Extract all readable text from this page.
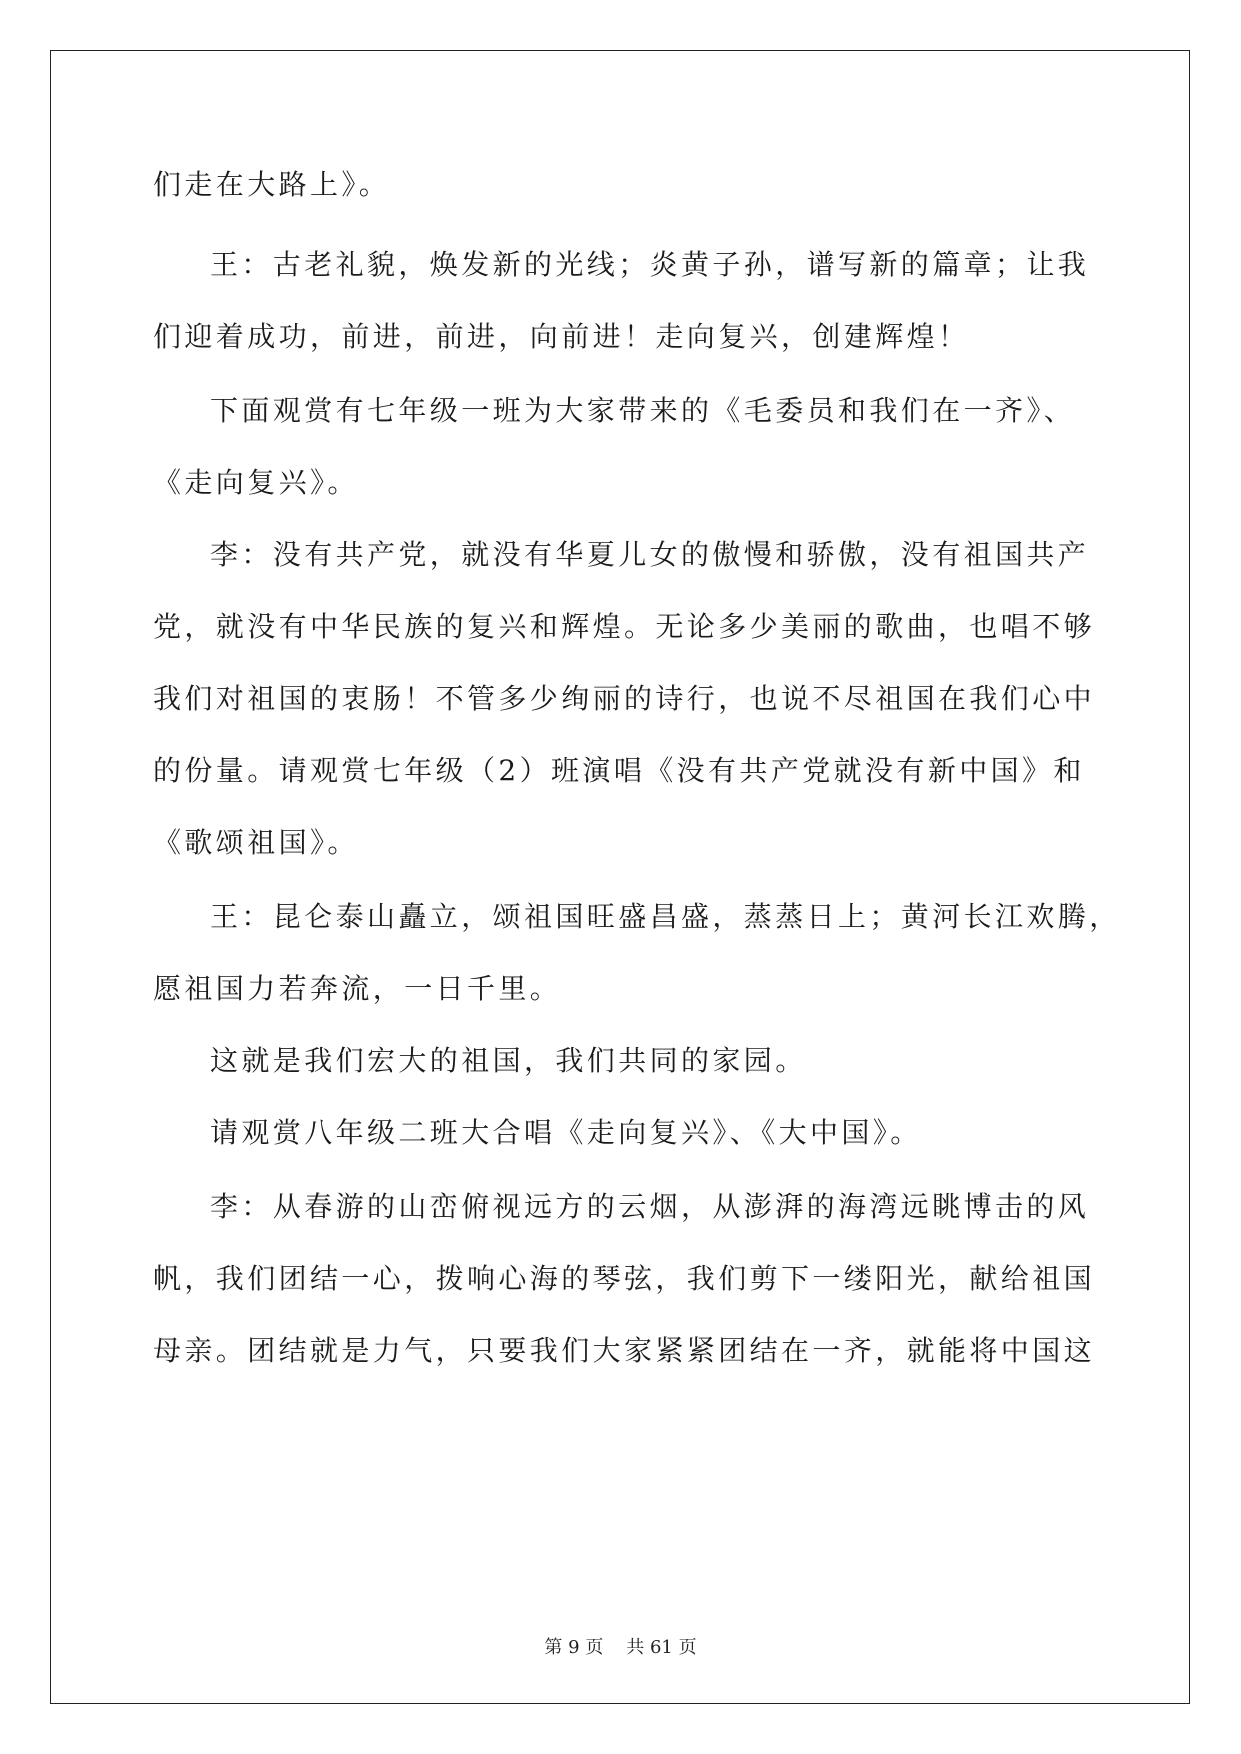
们走在大路上》。
王：古老礼貌，焕发新的光线；炎黄子孙，谱写新的篇章；让我
们迎着成功，前进，前进，向前进！走向复兴，创建辉煌！
下面观赏有七年级一班为大家带来的《毛委员和我们在一齐》、
《走向复兴》。
李：没有共产党，就没有华夏儿女的傲慢和骄傲，没有祖国共产
党，就没有中华民族的复兴和辉煌。无论多少美丽的歌曲，也唱不够
我们对祖国的衷肠！不管多少绚丽的诗行，也说不尽祖国在我们心中
的份量。请观赏七年级（2）班演唱《没有共产党就没有新中国》和
《歌颂祖国》。
王：昆仑泰山矗立，颂祖国旺盛昌盛，蒸蒸日上；黄河长江欢腾，
愿祖国力若奔流，一日千里。
这就是我们宏大的祖国，我们共同的家园。
请观赏八年级二班大合唱《走向复兴》、《大中国》。
李：从春游的山峦俯视远方的云烟，从澎湃的海湾远眺博击的风
帆，我们团结一心，拨响心海的琴弦，我们剪下一缕阳光，献给祖国
母亲。团结就是力气，只要我们大家紧紧团结在一齐，就能将中国这
第 9 页 共 61 页
